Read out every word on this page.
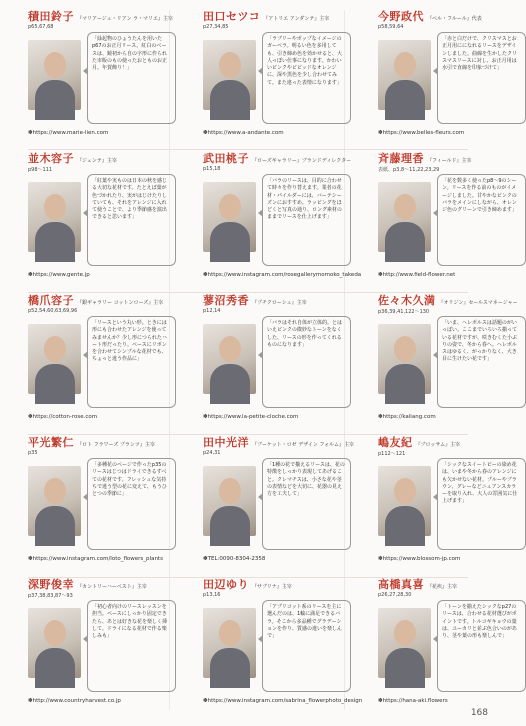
積田鈴子 『マリアージュ・リアン ラ・マリエ』主宰
p65,67,68
「緑起物のひょうたんを用いたp67のお正月リース。紅白のベースは、鏡初から自の字形に作られた市販のもの使ったおとものお正月。年賀飾り！」
✽https://www.marie-lien.com
田口セツコ 『アトリエ アンダンテ』主宰
p27,34,85
「ラブリーやポップなイメージのガーベラ。明るい色を多用しても、引き締め色を効かせると、大人っぽい仕事になります。かわいいピンクやビビッドなオレンジに、深や黒色を少し合わせてみて。また違った表情になります」
✽https://www.a-andante.com
今野政代 『ベル・フルール』代表
p58,59,64
「赤と白だけで、クリスマスとお正月用にになれるリースをデザインしました。曲線を生かしたクリスマスリースに対し、お正月用は水引で直線を印象づけて」
✽https://www.belles-fleurs.com
並木容子 『ジェンテ』主宰
p98〜111
「紅葉や実ものは日本の秋を感じる大切な花材です。たとえば葉が色づかれたり、実がはじけたりしていても、それをアレンジに入れて使うことで、より季節感を演出できると思います」
✽https://www.gente.jp
武田桃子 『ローズギャラリー』ブランドディレクター
p15,18
「バラのリースは、目的に合わせて時々を作り替えます。業者の花材・パイルダーには、バーテシーズンにおすすめ。ラッピングをほどくと写真の通り、ロング素材のままでリースを仕上げます」
✽https://www.instagram.com/rosegallerymomoko_takeda
斉藤理香 『フィールド』主宰
表紙、p3,8〜11,22,23,29
「花を数多く使ったp8〜9のシーン。リースを作る前のものがイメージしました。甘やかなピンクのバラをメインにしながら、オレンジ色のグリーンで引き締めます」
✽http://www.field-flower.net
橋爪容子 『銀ギャラリー コットンローズ』主宰
p52,54,60,63,69,96
「リースという丸い形。ときには形にも合わせたアレンジを使ってみませんか？少し形につられたハート形だったり。ベースにリボンを合わせてシンプルな花材でも、ちょっと違う作品に」
✽https://cotton-rose.com
蓼沼秀香 『プチクローシュ』主宰
p12,14
「バラはそれ自体が立体的。とはいえビンクの微妙なトーンをなくした、リースの形を作ってくれるものになります」
✽https://www.la-petite-cloche.com
佐々木久満 『オリジン』セールスマネージャー
p36,39,41,122〜130
「いま、ヘレボルスは話題のがいっぱい。ここまでいろいろ揃っている花材ですが、咲きむくた小ぶりの姿で、冬から春へ。ヘレボルスはゆるく、がっかりなく、大き目に生けたい花です」
✽https://kaliang.com
平光繁仁 『ロト フラワーズ プランツ』主宰
p35
「多種花のベージで作ったp35のリースはじつはドライできるすべての花材です。フレッシュな気持ちで違う型の花に変えて、もうひとつの季節に」
✽https://www.instagram.com/loto_flowers_plants
田中光洋 『ブーケット・ロゼ デザイン フォルム』主宰
p24,31
「1種の花で揃えるリースは、花の特徴をしっかり表現してあげること。クレマチスは、小さな花や茎の表情などを大切に、花器の見え方を工夫して」
✽TEL:0090-8304-2358
嶋友紀 『ブロッサム』主宰
p112〜121
「シックなスイートピーの染め花は、いまや冬から春のアレンジにも欠かせない花材。ブルーやブラウン、グレーなどニュアンスカラーを取り入れ、大人の雰囲気に仕上げます」
✽https://www.blossom-jp.com
深野俊幸 『カントリーハーベスト』主宰
p37,38,83,87〜93
「初心者向けのリースレッスンを担当。ベースにしっかり固定できたら、あとは好きな花を楽しく挿して。ドライになる花材で作る楽しみも」
✽http://www.countryharvest.co.jp
田辺ゆり 『サブリナ』主宰
p13,16
「アプリコット系のリースを主に選んだのは、1輪に満足できるバラ。そこから多品種でグラデーションを作り、質感の違いを楽しんで」
✽https://www.instagram.com/sabrina_flowerphoto_design
高橋真喜 『花疾』主宰
p26,27,28,30
「トーンを揃えたシックなp27のリースは、合わせる花材選びがポイントです。トルコギキョウの葉は、ユーカリと並ぶ色合いのがあり、茎や葉の形も楽しんで」
✽https://hana-aki.flowers
168
